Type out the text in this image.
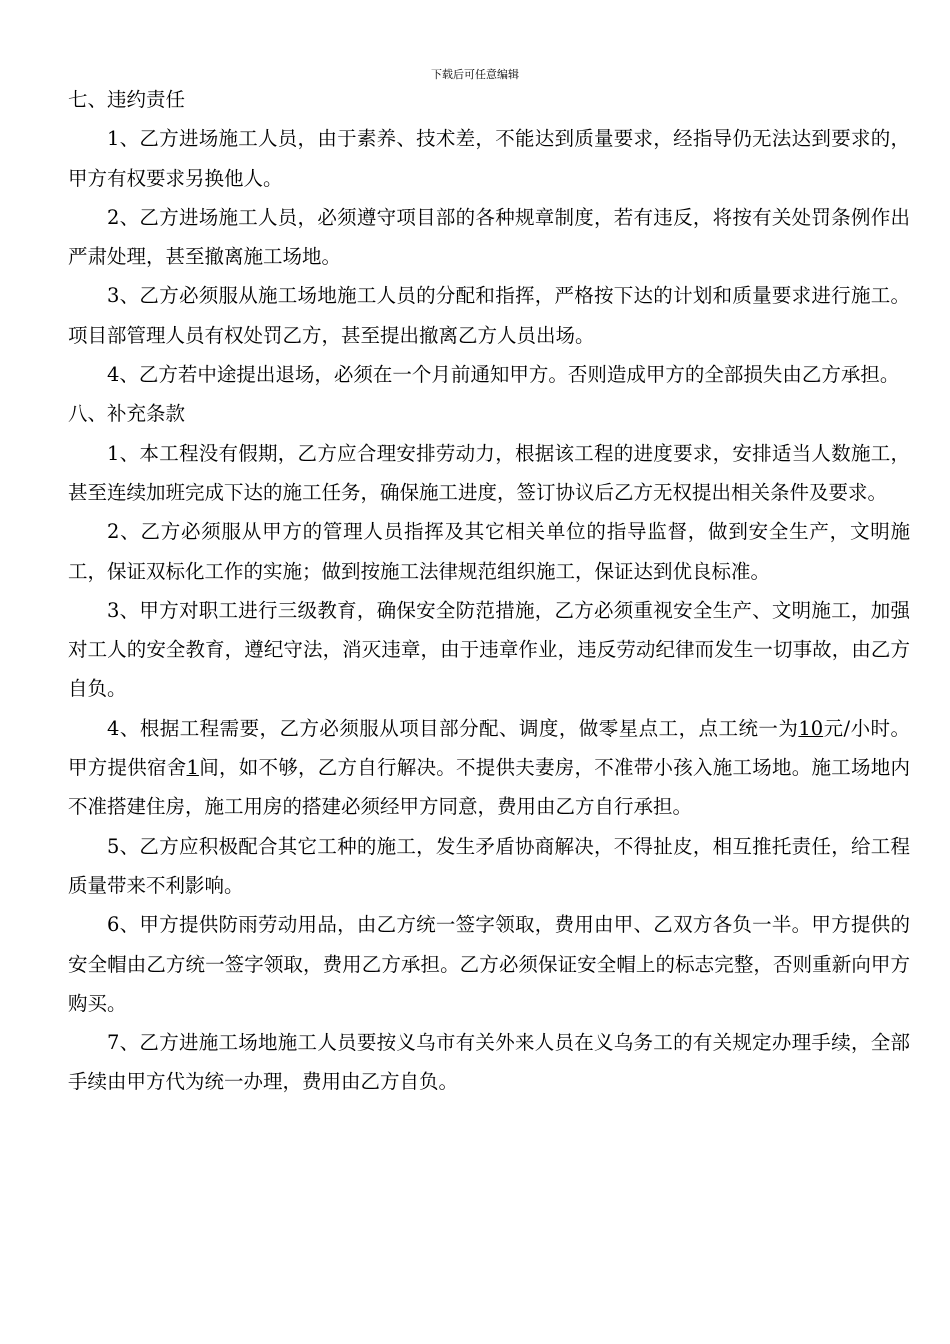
下载后可任意编辑
七、违约责任

1、乙方进场施工人员，由于素养、技术差，不能达到质量要求，经指导仍无法达到要求的，甲方有权要求另换他人。

2、乙方进场施工人员，必须遵守项目部的各种规章制度，若有违反，将按有关处罚条例作出严肃处理，甚至撤离施工场地。

3、乙方必须服从施工场地施工人员的分配和指挥，严格按下达的计划和质量要求进行施工。项目部管理人员有权处罚乙方，甚至提出撤离乙方人员出场。

4、乙方若中途提出退场，必须在一个月前通知甲方。否则造成甲方的全部损失由乙方承担。

八、补充条款

1、本工程没有假期，乙方应合理安排劳动力，根据该工程的进度要求，安排适当人数施工，甚至连续加班完成下达的施工任务，确保施工进度，签订协议后乙方无权提出相关条件及要求。

2、乙方必须服从甲方的管理人员指挥及其它相关单位的指导监督，做到安全生产，文明施工，保证双标化工作的实施；做到按施工法律规范组织施工，保证达到优良标准。

3、甲方对职工进行三级教育，确保安全防范措施，乙方必须重视安全生产、文明施工，加强对工人的安全教育，遵纪守法，消灭违章，由于违章作业，违反劳动纪律而发生一切事故，由乙方自负。

4、根据工程需要，乙方必须服从项目部分配、调度，做零星点工，点工统一为10元/小时。甲方提供宿舍1间，如不够，乙方自行解决。不提供夫妻房，不准带小孩入施工场地。施工场地内不准搭建住房，施工用房的搭建必须经甲方同意，费用由乙方自行承担。

5、乙方应积极配合其它工种的施工，发生矛盾协商解决，不得扯皮，相互推托责任，给工程质量带来不利影响。

6、甲方提供防雨劳动用品，由乙方统一签字领取，费用由甲、乙双方各负一半。甲方提供的安全帽由乙方统一签字领取，费用乙方承担。乙方必须保证安全帽上的标志完整，否则重新向甲方购买。

7、乙方进施工场地施工人员要按义乌市有关外来人员在义乌务工的有关规定办理手续，全部手续由甲方代为统一办理，费用由乙方自负。
